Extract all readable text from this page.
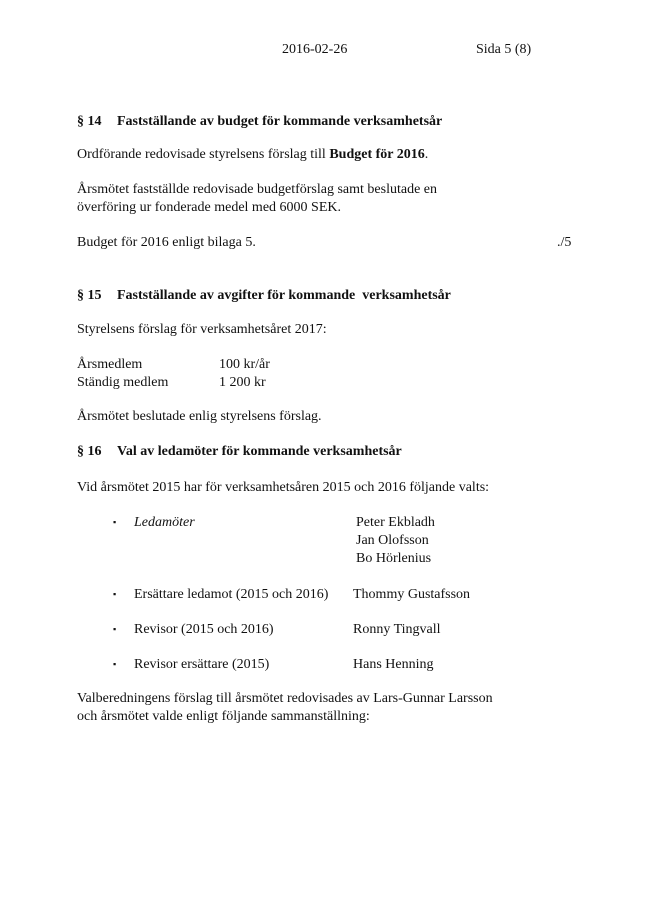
2016-02-26	Sida 5 (8)
§ 14 Fastställande av budget för kommande verksamhetsår
Ordförande redovisade styrelsens förslag till Budget för 2016.
Årsmötet fastställde redovisade budgetförslag samt beslutade en
överföring ur fonderade medel med 6000 SEK.
Budget för 2016 enligt bilaga 5.	./5
§ 15 Fastställande av avgifter för kommande  verksamhetsår
Styrelsens förslag för verksamhetsåret 2017:
Årsmedlem	100 kr/år
Ständig medlem	1 200 kr
Årsmötet beslutade enlig styrelsens förslag.
§ 16 Val av ledamöter för kommande verksamhetsår
Vid årsmötet 2015 har för verksamhetsåren 2015 och 2016 följande valts:
▪ Ledamöter	Peter Ekbladh
Jan Olofsson
Bo Hörlenius
▪ Ersättare ledamot (2015 och 2016) Thommy Gustafsson
▪ Revisor (2015 och 2016)	Ronny Tingvall
▪ Revisor ersättare (2015)	Hans Henning
Valberedningens förslag till årsmötet redovisades av Lars-Gunnar Larsson
och årsmötet valde enligt följande sammanställning:
